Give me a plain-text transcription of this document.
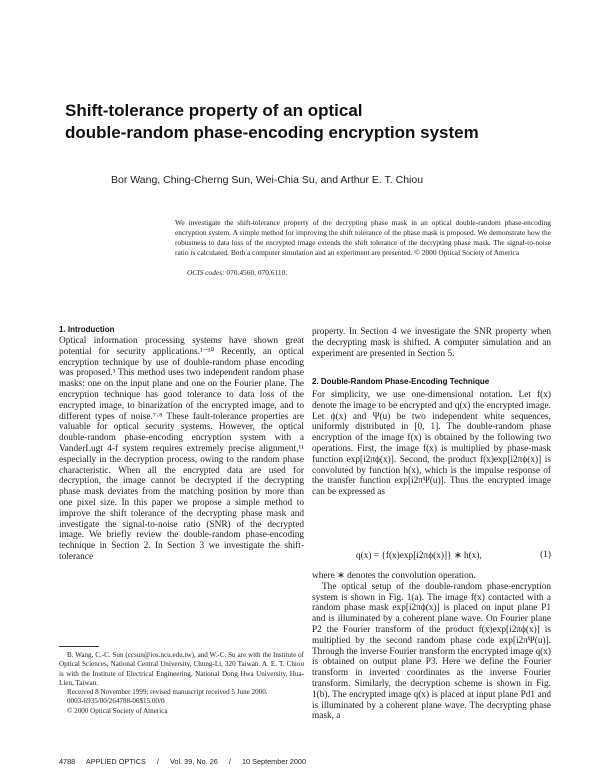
Shift-tolerance property of an optical
double-random phase-encoding encryption system
Bor Wang, Ching-Cherng Sun, Wei-Chia Su, and Arthur E. T. Chiou
We investigate the shift-tolerance property of the decrypting phase mask in an optical double-random phase-encoding encryption system. A simple method for improving the shift tolerance of the phase mask is proposed. We demonstrate how the robustness to data loss of the encrypted image extends the shift tolerance of the decrypting phase mask. The signal-to-noise ratio is calculated. Both a computer simulation and an experiment are presented. © 2000 Optical Society of America
OCIS codes: 070.4560, 070.6110.
1. Introduction

Optical information processing systems have shown great potential for security applications.¹⁻¹⁰ Recently, an optical encryption technique by use of double-random phase encoding was proposed.³ This method uses two independent random phase masks: one on the input plane and one on the Fourier plane. The encryption technique has good tolerance to data loss of the encrypted image, to binarization of the encrypted image, and to different types of noise.⁷·⁸ These fault-tolerance properties are valuable for optical security systems. However, the optical double-random phase-encoding encryption system with a VanderLugt 4-f system requires extremely precise alignment,¹¹ especially in the decryption process, owing to the random phase characteristic. When all the encrypted data are used for decryption, the image cannot be decrypted if the decrypting phase mask deviates from the matching position by more than one pixel size. In this paper we propose a simple method to improve the shift tolerance of the decrypting phase mask and investigate the signal-to-noise ratio (SNR) of the decrypted image. We briefly review the double-random phase-encoding technique in Section 2. In Section 3 we investigate the shift-tolerance

property. In Section 4 we investigate the SNR property when the decrypting mask is shifted. A computer simulation and an experiment are presented in Section 5.

2. Double-Random Phase-Encoding Technique

For simplicity, we use one-dimensional notation. Let f(x) denote the image to be encrypted and q(x) the encrypted image. Let ϕ(x) and Ψ(u) be two independent white sequences, uniformly distributed in [0, 1]. The double-random phase encryption of the image f(x) is obtained by the following two operations. First, the image f(x) is multiplied by phase-mask function exp[i2πϕ(x)]. Second, the product f(x)exp[i2πϕ(x)] is convoluted by function h(x), which is the impulse response of the transfer function exp[i2πΨ(u)]. Thus the encrypted image can be expressed as

q(x) = {f(x)exp[i2πϕ(x)]} ∗ h(x),	(1)

where ∗ denotes the convolution operation.

The optical setup of the double-random phase-encryption system is shown in Fig. 1(a). The image f(x) contacted with a random phase mask exp[i2πϕ(x)] is placed on input plane P1 and is illuminated by a coherent plane wave. On Fourier plane P2 the Fourier transform of the product f(x)exp[i2πϕ(x)] is multiplied by the second random phase code exp[i2πΨ(u)]. Through the inverse Fourier transform the encrypted image q(x) is obtained on output plane P3. Here we define the Fourier transform in inverted coordinates as the inverse Fourier transform. Similarly, the decryption scheme is shown in Fig. 1(b). The encrypted image q(x) is placed at input plane Pd1 and is illuminated by a coherent plane wave. The decrypting phase mask, a

B. Wang, C.-C. Sun (ccsun@ios.ncu.edu.tw), and W.-C. Su are with the Institute of Optical Sciences, National Central University, Chung-Li, 320 Taiwan. A. E. T. Chiou is with the Institute of Electrical Engineering, National Dong Hwa University, Hua-Lien, Taiwan.

Received 8 November 1999; revised manuscript received 5 June 2000.

0003-6935/00/264788-06$15.00/0

© 2000 Optical Society of America

4788 APPLIED OPTICS / Vol. 39, No. 26 / 10 September 2000
